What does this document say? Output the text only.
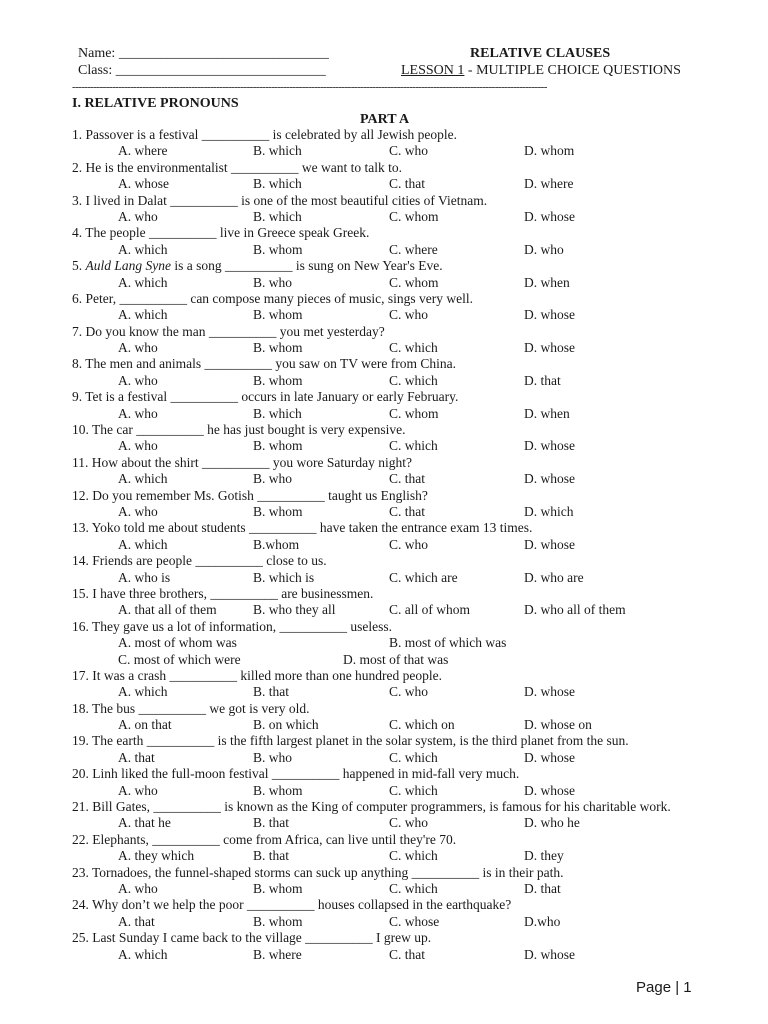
Name: ______________________________
Class: ______________________________
RELATIVE CLAUSES
LESSON 1 - MULTIPLE CHOICE QUESTIONS
-----------------------------------------------------------------------------------------------------------------------------------------------------------
I. RELATIVE PRONOUNS
PART A
1. Passover is a festival __________ is celebrated by all Jewish people.
A. where	B. which	C. who	D. whom
2. He is the environmentalist __________ we want to talk to.
A. whose	B. which	C. that	D. where
3. I lived in Dalat __________ is one of the most beautiful cities of Vietnam.
A. who	B. which	C. whom	D. whose
4. The people __________ live in Greece speak Greek.
A. which	B. whom	C. where	D. who
5. Auld Lang Syne is a song __________ is sung on New Year's Eve.
A. which	B. who	C. whom	D. when
6. Peter, __________ can compose many pieces of music, sings very well.
A. which	B. whom	C. who	D. whose
7. Do you know the man __________ you met yesterday?
A. who	B. whom	C. which	D. whose
8. The men and animals __________ you saw on TV were from China.
A. who	B. whom	C. which	D. that
9. Tet is a festival __________ occurs in late January or early February.
A. who	B. which	C. whom	D. when
10. The car __________ he has just bought is very expensive.
A. who	B. whom	C. which	D. whose
11. How about the shirt __________ you wore Saturday night?
A. which	B. who	C. that	D. whose
12. Do you remember Ms. Gotish __________ taught us English?
A. who	B. whom	C. that	D. which
13. Yoko told me about students __________ have taken the entrance exam 13 times.
A. which	B.whom	C. who	D. whose
14. Friends are people __________ close to us.
A. who is	B. which is	C. which are	D. who are
15. I have three brothers, __________ are businessmen.
A. that all of them	B. who they all	C. all of whom	D. who all of them
16. They gave us a lot of information, __________ useless.
A. most of whom was	B. most of which was
C. most of which were	D. most of that was
17. It was a crash __________ killed more than one hundred people.
A. which	B. that	C. who	D. whose
18. The bus __________ we got is very old.
A. on that	B. on which	C. which on	D. whose on
19. The earth __________ is the fifth largest planet in the solar system, is the third planet from the sun.
A. that	B. who	C. which	D. whose
20. Linh liked the full-moon festival __________ happened in mid-fall very much.
A. who	B. whom	C. which	D. whose
21. Bill Gates, __________ is known as the King of computer programmers, is famous for his charitable work.
A. that he	B. that	C. who	D. who he
22. Elephants, __________ come from Africa, can live until they're 70.
A. they which	B. that	C. which	D. they
23. Tornadoes, the funnel-shaped storms can suck up anything __________ is in their path.
A. who	B. whom	C. which	D. that
24. Why don’t we help the poor __________ houses collapsed in the earthquake?
A. that	B. whom	C. whose	D.who
25. Last Sunday I came back to the village __________ I grew up.
A. which	B. where	C. that	D. whose
Page | 1
